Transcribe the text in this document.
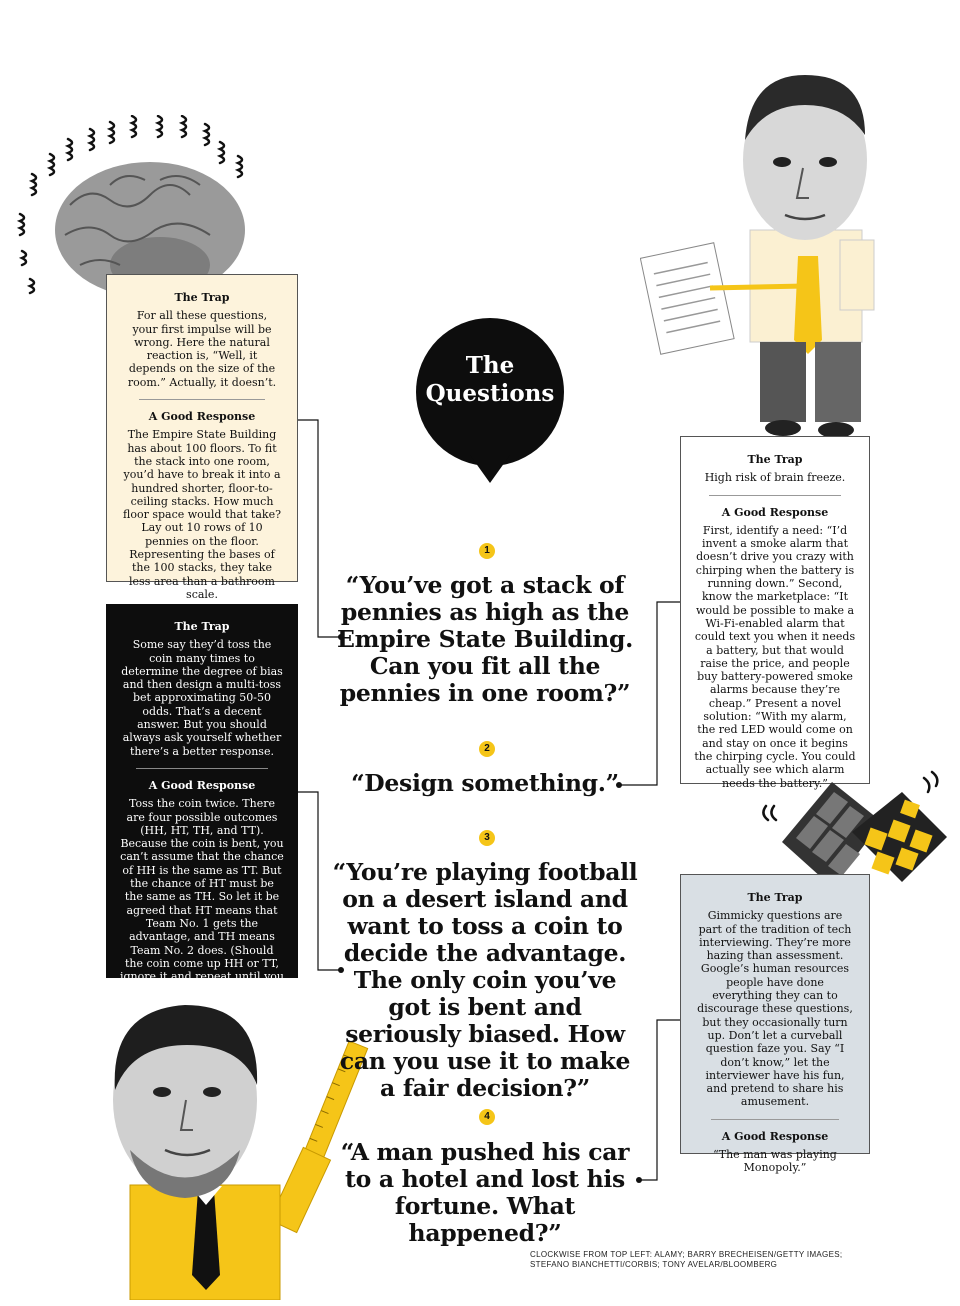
The
Questions

The Trap

For all these questions, your first impulse will be wrong. Here the natural reaction is, “Well, it depends on the size of the room.” Actually, it doesn’t.

A Good Response

The Empire State Building has about 100 floors. To fit the stack into one room, you’d have to break it into a hundred shorter, floor-to-ceiling stacks. How much floor space would that take? Lay out 10 rows of 10 pennies on the floor. Representing the bases of the 100 stacks, they take less area than a bathroom scale.

The Trap

High risk of brain freeze.

A Good Response

First, identify a need: “I’d invent a smoke alarm that doesn’t drive you crazy with chirping when the battery is running down.” Second, know the marketplace: “It would be possible to make a Wi-Fi-enabled alarm that could text you when it needs a battery, but that would raise the price, and people buy battery-powered smoke alarms because they’re cheap.” Present a novel solution: “With my alarm, the red LED would come on and stay on once it begins the chirping cycle. You could actually see which alarm needs the battery.”

The Trap

Some say they’d toss the coin many times to determine the degree of bias and then design a multi-toss bet approximating 50-50 odds. That’s a decent answer. But you should always ask yourself whether there’s a better response.

A Good Response

Toss the coin twice. There are four possible outcomes (HH, HT, TH, and TT). Because the coin is bent, you can’t assume that the chance of HH is the same as TT. But the chance of HT must be the same as TH. So let it be agreed that HT means that Team No. 1 gets the advantage, and TH means Team No. 2 does. (Should the coin come up HH or TT, ignore it and repeat until you get HT or TH.)

The Trap

Gimmicky questions are part of the tradition of tech interviewing. They’re more hazing than assessment. Google’s human resources people have done everything they can to discourage these questions, but they occasionally turn up. Don’t let a curveball question faze you. Say “I don’t know,” let the interviewer have his fun, and pretend to share his amusement.

A Good Response

“The man was playing Monopoly.”

1
2
3
4
“You’ve got a stack of pennies as high as the Empire State Building. Can you fit all the pennies in one room?”
“Design something.”
“You’re playing football on a desert island and want to toss a coin to decide the advantage. The only coin you’ve got is bent and seriously biased. How can you use it to make a fair decision?”
“A man pushed his car to a hotel and lost his fortune. What happened?”
CLOCKWISE FROM TOP LEFT: ALAMY; BARRY BRECHEISEN/GETTY IMAGES;
STEFANO BIANCHETTI/CORBIS; TONY AVELAR/BLOOMBERG
